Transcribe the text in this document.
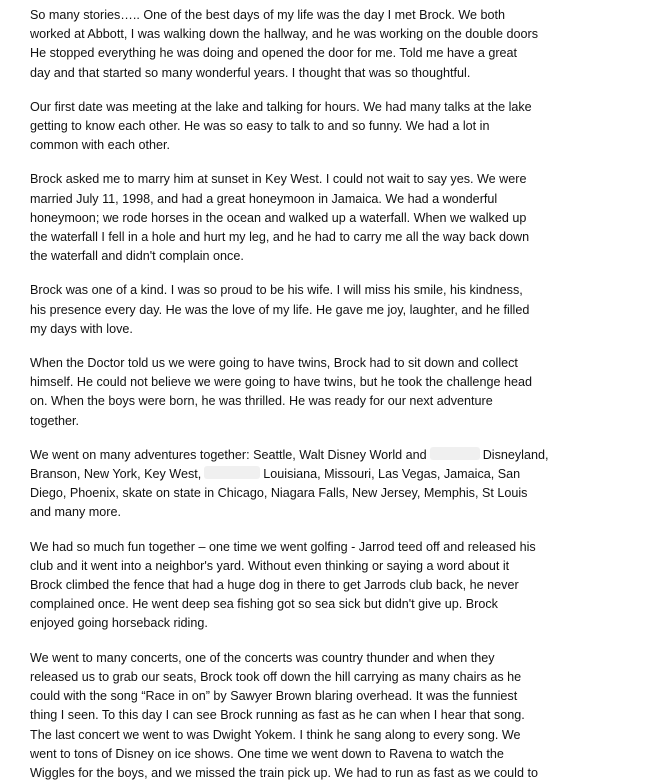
So many stories….. One of the best days of my life was the day I met Brock. We both
worked at Abbott, I was walking down the hallway, and he was working on the double doors
He stopped everything he was doing and opened the door for me. Told me have a great
day and that started so many wonderful years. I thought that was so thoughtful.

Our first date was meeting at the lake and talking for hours. We had many talks at the lake
getting to know each other. He was so easy to talk to and so funny. We had a lot in
common with each other.

Brock asked me to marry him at sunset in Key West. I could not wait to say yes. We were
married July 11, 1998, and had a great honeymoon in Jamaica. We had a wonderful
honeymoon; we rode horses in the ocean and walked up a waterfall. When we walked up
the waterfall I fell in a hole and hurt my leg, and he had to carry me all the way back down
the waterfall and didn't complain once.

Brock was one of a kind. I was so proud to be his wife. I will miss his smile, his kindness,
his presence every day. He was the love of my life. He gave me joy, laughter, and he filled
my days with love.

When the Doctor told us we were going to have twins, Brock had to sit down and collect
himself. He could not believe we were going to have twins, but he took the challenge head
on. When the boys were born, he was thrilled. He was ready for our next adventure
together.

We went on many adventures together: Seattle, Walt Disney World and	Disneyland,
Branson, New York, Key West,	Louisiana, Missouri, Las Vegas, Jamaica, San
Diego, Phoenix, skate on state in Chicago, Niagara Falls, New Jersey, Memphis, St Louis
and many more.

We had so much fun together – one time we went golfing - Jarrod teed off and released his
club and it went into a neighbor's yard. Without even thinking or saying a word about it
Brock climbed the fence that had a huge dog in there to get Jarrods club back, he never
complained once. He went deep sea fishing got so sea sick but didn't give up. Brock
enjoyed going horseback riding.

We went to many concerts, one of the concerts was country thunder and when they
released us to grab our seats, Brock took off down the hill carrying as many chairs as he
could with the song “Race in on” by Sawyer Brown blaring overhead. It was the funniest
thing I seen. To this day I can see Brock running as fast as he can when I hear that song.
The last concert we went to was Dwight Yokem. I think he sang along to every song. We
went to tons of Disney on ice shows. One time we went down to Ravena to watch the
Wiggles for the boys, and we missed the train pick up. We had to run as fast as we could to
